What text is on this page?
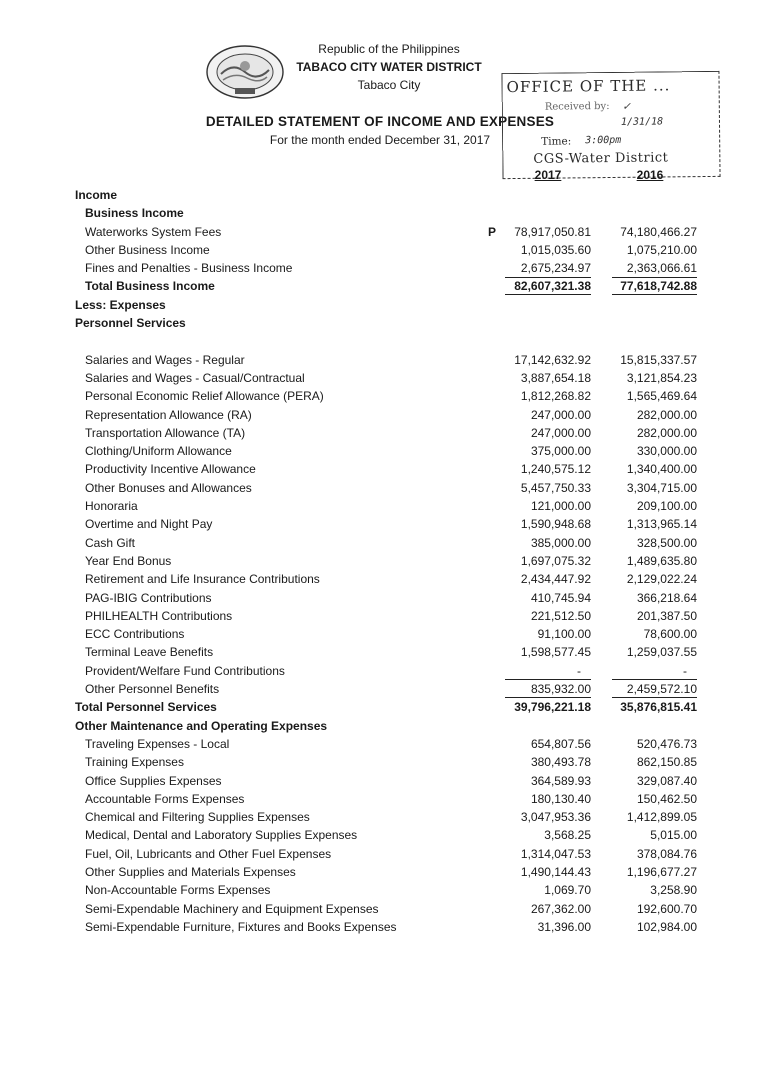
Republic of the Philippines
TABACO CITY WATER DISTRICT
Tabaco City
DETAILED STATEMENT OF INCOME AND EXPENSES
For the month ended December 31, 2017
OFFICE OF THE ...
Received by: ✓
1/31/18
Time: 3:00pm
CGS-Water District
2017	2016
Income
Business Income
Waterworks System Fees	P 78,917,050.81 74,180,466.27
Other Business Income	1,015,035.60	1,075,210.00
Fines and Penalties - Business Income	2,675,234.97	2,363,066.61
Total Business Income	82,607,321.38 77,618,742.88
Less: Expenses
Personnel Services
Salaries and Wages - Regular	17,142,632.92 15,815,337.57
Salaries and Wages - Casual/Contractual	3,887,654.18	3,121,854.23
Personal Economic Relief Allowance (PERA)	1,812,268.82	1,565,469.64
Representation Allowance (RA)	247,000.00	282,000.00
Transportation Allowance (TA)	247,000.00	282,000.00
Clothing/Uniform Allowance	375,000.00	330,000.00
Productivity Incentive Allowance	1,240,575.12	1,340,400.00
Other Bonuses and Allowances	5,457,750.33	3,304,715.00
Honoraria	121,000.00	209,100.00
Overtime and Night Pay	1,590,948.68	1,313,965.14
Cash Gift	385,000.00	328,500.00
Year End Bonus	1,697,075.32	1,489,635.80
Retirement and Life Insurance Contributions	2,434,447.92	2,129,022.24
PAG-IBIG Contributions	410,745.94	366,218.64
PHILHEALTH Contributions	221,512.50	201,387.50
ECC Contributions	91,100.00	78,600.00
Terminal Leave Benefits	1,598,577.45	1,259,037.55
Provident/Welfare Fund Contributions	-	-
Other Personnel Benefits	835,932.00	2,459,572.10
Total Personnel Services	39,796,221.18 35,876,815.41
Other Maintenance and Operating Expenses
Traveling Expenses - Local	654,807.56	520,476.73
Training Expenses	380,493.78	862,150.85
Office Supplies Expenses	364,589.93	329,087.40
Accountable Forms Expenses	180,130.40	150,462.50
Chemical and Filtering Supplies Expenses	3,047,953.36	1,412,899.05
Medical, Dental and Laboratory Supplies Expenses	3,568.25	5,015.00
Fuel, Oil, Lubricants and Other Fuel Expenses	1,314,047.53	378,084.76
Other Supplies and Materials Expenses	1,490,144.43	1,196,677.27
Non-Accountable Forms Expenses	1,069.70	3,258.90
Semi-Expendable Machinery and Equipment Expenses	267,362.00	192,600.70
Semi-Expendable Furniture, Fixtures and Books Expenses	31,396.00	102,984.00
